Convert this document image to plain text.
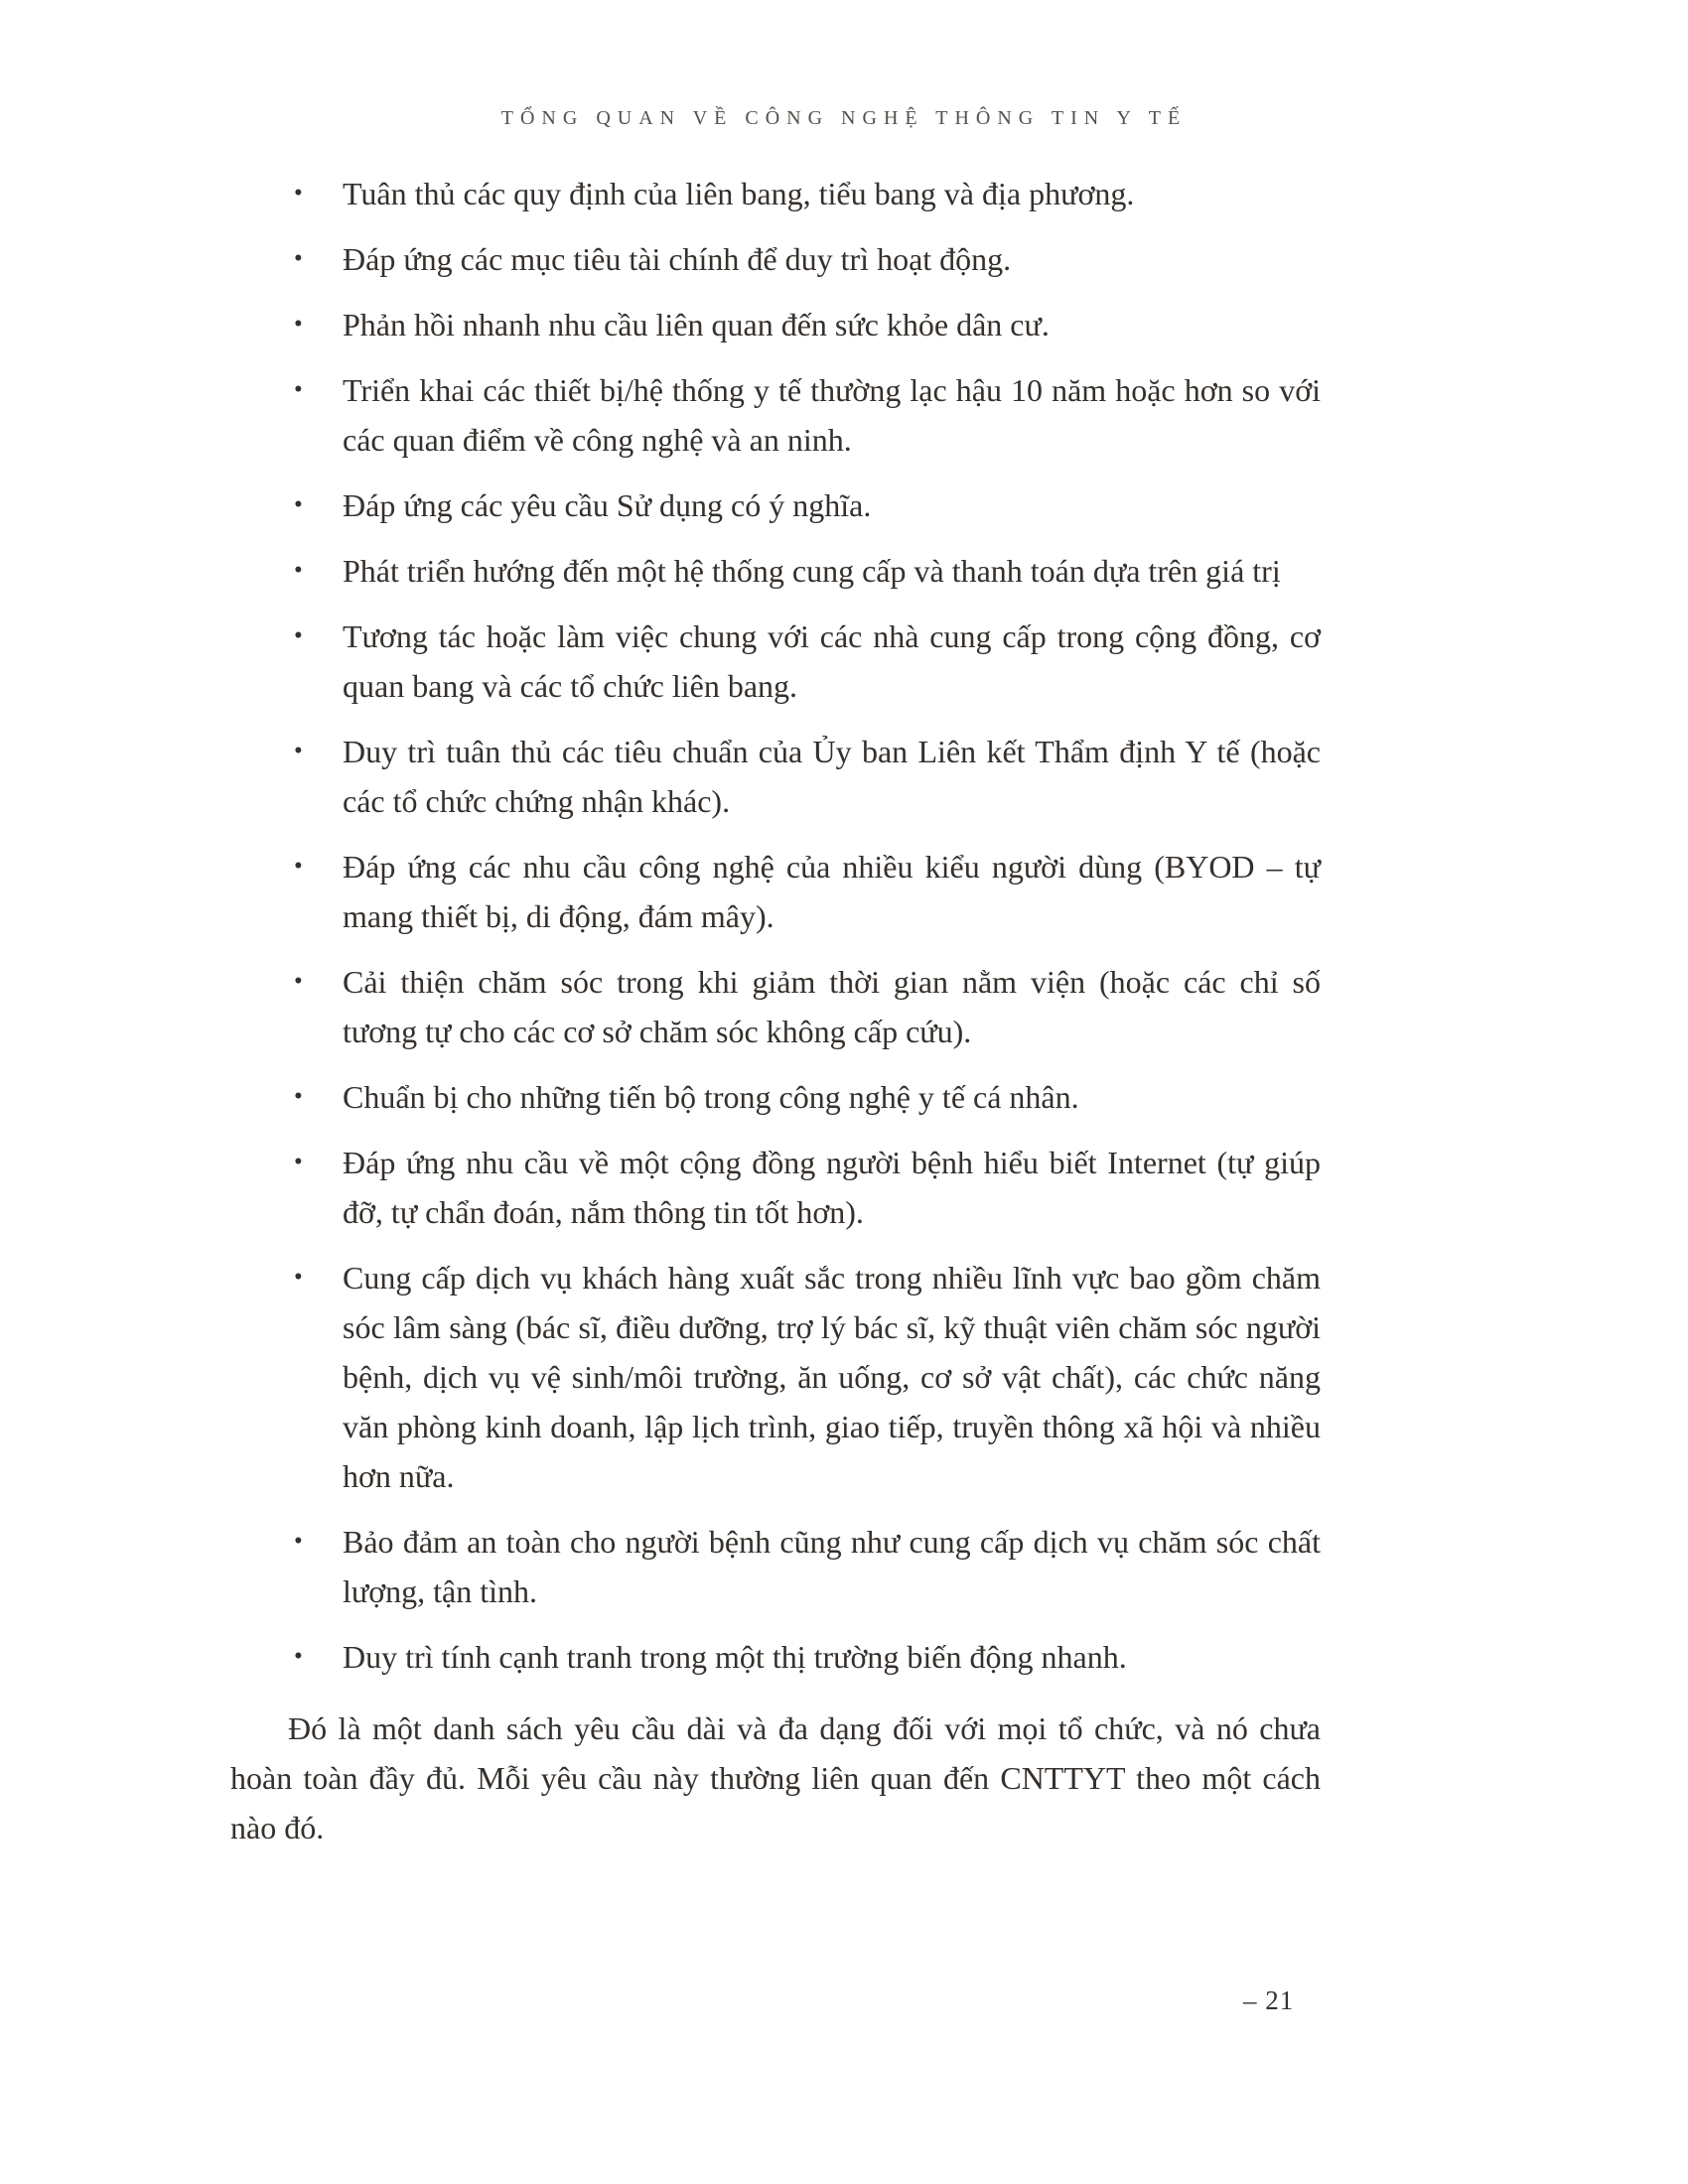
TỔNG QUAN VỀ CÔNG NGHỆ THÔNG TIN Y TẾ
• Tuân thủ các quy định của liên bang, tiểu bang và địa phương.
• Đáp ứng các mục tiêu tài chính để duy trì hoạt động.
• Phản hồi nhanh nhu cầu liên quan đến sức khỏe dân cư.
• Triển khai các thiết bị/hệ thống y tế thường lạc hậu 10 năm hoặc hơn so với các quan điểm về công nghệ và an ninh.
• Đáp ứng các yêu cầu Sử dụng có ý nghĩa.
• Phát triển hướng đến một hệ thống cung cấp và thanh toán dựa trên giá trị
• Tương tác hoặc làm việc chung với các nhà cung cấp trong cộng đồng, cơ quan bang và các tổ chức liên bang.
• Duy trì tuân thủ các tiêu chuẩn của Ủy ban Liên kết Thẩm định Y tế (hoặc các tổ chức chứng nhận khác).
• Đáp ứng các nhu cầu công nghệ của nhiều kiểu người dùng (BYOD – tự mang thiết bị, di động, đám mây).
• Cải thiện chăm sóc trong khi giảm thời gian nằm viện (hoặc các chỉ số tương tự cho các cơ sở chăm sóc không cấp cứu).
• Chuẩn bị cho những tiến bộ trong công nghệ y tế cá nhân.
• Đáp ứng nhu cầu về một cộng đồng người bệnh hiểu biết Internet (tự giúp đỡ, tự chẩn đoán, nắm thông tin tốt hơn).
• Cung cấp dịch vụ khách hàng xuất sắc trong nhiều lĩnh vực bao gồm chăm sóc lâm sàng (bác sĩ, điều dưỡng, trợ lý bác sĩ, kỹ thuật viên chăm sóc người bệnh, dịch vụ vệ sinh/môi trường, ăn uống, cơ sở vật chất), các chức năng văn phòng kinh doanh, lập lịch trình, giao tiếp, truyền thông xã hội và nhiều hơn nữa.
• Bảo đảm an toàn cho người bệnh cũng như cung cấp dịch vụ chăm sóc chất lượng, tận tình.
• Duy trì tính cạnh tranh trong một thị trường biến động nhanh.

Đó là một danh sách yêu cầu dài và đa dạng đối với mọi tổ chức, và nó chưa hoàn toàn đầy đủ. Mỗi yêu cầu này thường liên quan đến CNTTYT theo một cách nào đó.

– 21
